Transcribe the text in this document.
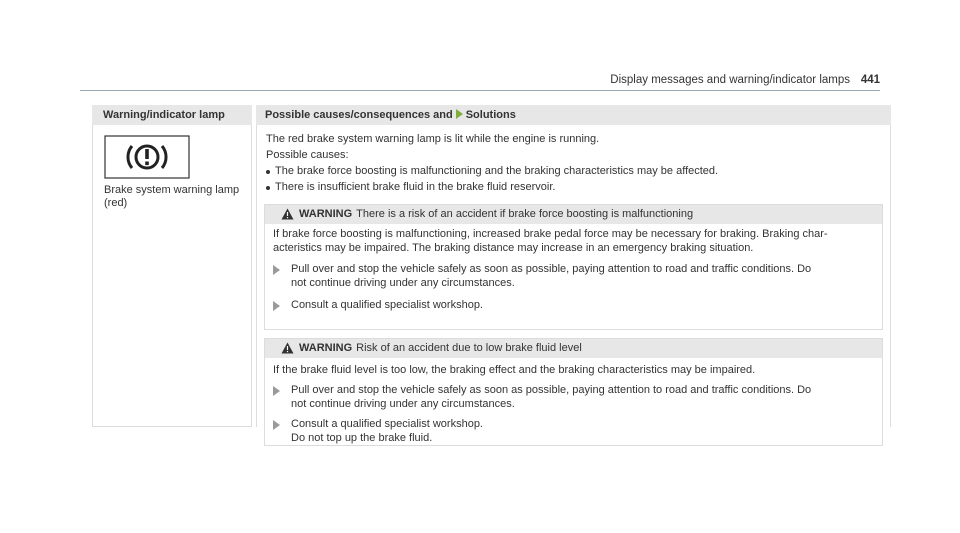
Display messages and warning/indicator lamps 441
Warning/indicator lamp	Possible causes/consequences and Solutions
Brake system warning lamp
(red)
The red brake system warning lamp is lit while the engine is running.
Possible causes:
The brake force boosting is malfunctioning and the braking characteristics may be affected.
There is insufficient brake fluid in the brake fluid reservoir.
WARNING There is a risk of an accident if brake force boosting is malfunctioning
If brake force boosting is malfunctioning, increased brake pedal force may be necessary for braking. Braking char-
acteristics may be impaired. The braking distance may increase in an emergency braking situation.
Pull over and stop the vehicle safely as soon as possible, paying attention to road and traffic conditions. Do
not continue driving under any circumstances.
Consult a qualified specialist workshop.
WARNING Risk of an accident due to low brake fluid level
If the brake fluid level is too low, the braking effect and the braking characteristics may be impaired.
Pull over and stop the vehicle safely as soon as possible, paying attention to road and traffic conditions. Do
not continue driving under any circumstances.
Consult a qualified specialist workshop.
Do not top up the brake fluid.
